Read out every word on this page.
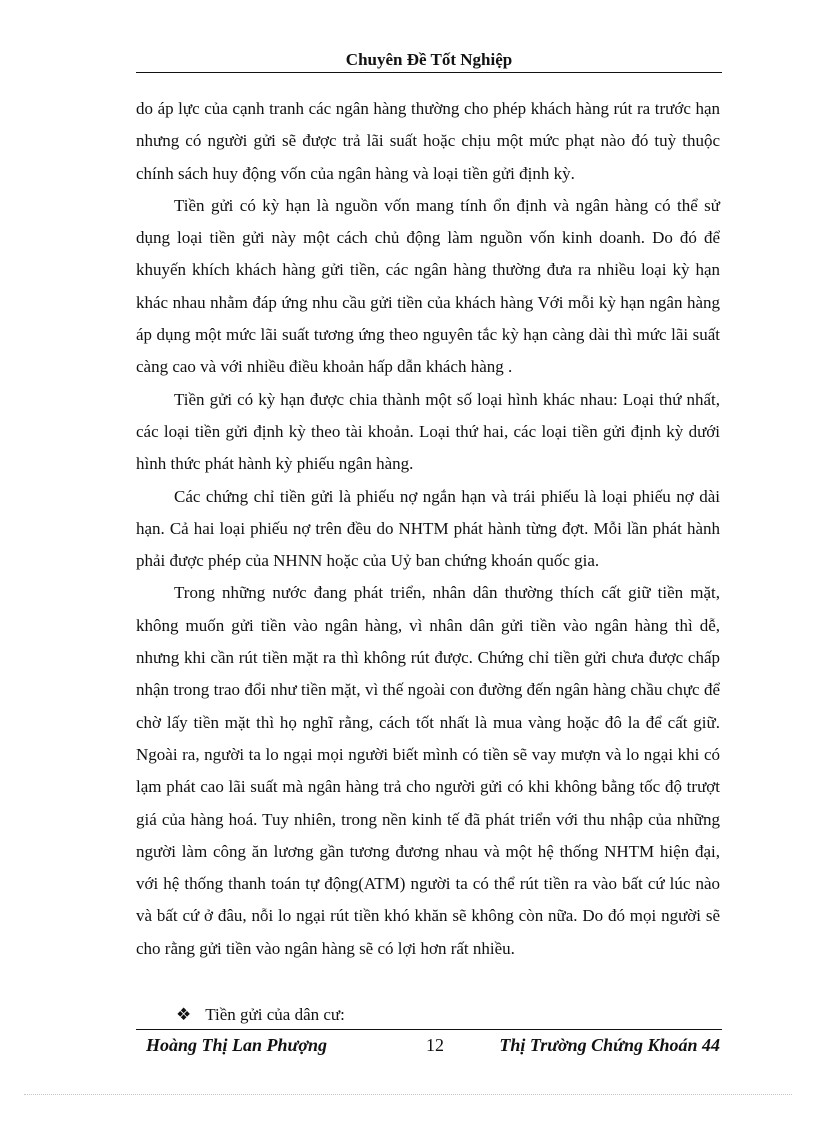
Chuyên Đề Tốt Nghiệp

do áp lực của cạnh tranh các ngân hàng thường cho phép khách hàng rút ra trước hạn nhưng có người gửi sẽ được trả lãi suất hoặc chịu một mức phạt nào đó tuỳ thuộc chính sách huy động vốn của ngân hàng và loại tiền gửi định kỳ.

Tiền gửi có kỳ hạn là nguồn vốn mang tính ổn định và ngân hàng có thể sử dụng loại tiền gửi này một cách chủ động làm nguồn vốn kinh doanh. Do đó để khuyến khích khách hàng gửi tiền, các ngân hàng thường đưa ra nhiều loại kỳ hạn khác nhau nhằm đáp ứng nhu cầu gửi tiền của khách hàng Với mỗi kỳ hạn ngân hàng áp dụng một mức lãi suất tương ứng theo nguyên tắc kỳ hạn càng dài thì mức lãi suất càng cao và với nhiều điều khoản hấp dẫn khách hàng .

Tiền gửi có kỳ hạn được chia thành một số loại hình khác nhau: Loại thứ nhất, các loại tiền gửi định kỳ theo tài khoản. Loại thứ hai, các loại tiền gửi định kỳ dưới hình thức phát hành kỳ phiếu ngân hàng.

Các chứng chỉ tiền gửi là phiếu nợ ngắn hạn và trái phiếu là loại phiếu nợ dài hạn. Cả hai loại phiếu nợ trên đều do NHTM phát hành từng đợt. Mỗi lần phát hành phải được phép của NHNN hoặc của Uỷ ban chứng khoán quốc gia.

Trong những nước đang phát triển, nhân dân thường thích cất giữ tiền mặt, không muốn gửi tiền vào ngân hàng, vì nhân dân gửi tiền vào ngân hàng thì dễ, nhưng khi cần rút tiền mặt ra thì không rút được. Chứng chỉ tiền gửi chưa được chấp nhận trong trao đổi như tiền mặt, vì thế ngoài con đường đến ngân hàng chầu chực để chờ lấy tiền mặt thì họ nghĩ rằng, cách tốt nhất là mua vàng hoặc đô la để cất giữ. Ngoài ra, người ta lo ngại mọi người biết mình có tiền sẽ vay mượn và lo ngại khi có lạm phát cao lãi suất mà ngân hàng trả cho người gửi có khi không bằng tốc độ trượt giá của hàng hoá. Tuy nhiên, trong nền kinh tế đã phát triển với thu nhập của những người làm công ăn lương gần tương đương nhau và một hệ thống NHTM hiện đại, với hệ thống thanh toán tự động(ATM) người ta có thể rút tiền ra vào bất cứ lúc nào và bất cứ ở đâu, nỗi lo ngại rút tiền khó khăn sẽ không còn nữa. Do đó mọi người sẽ cho rằng gửi tiền vào ngân hàng sẽ có lợi hơn rất nhiều.

❖ Tiền gửi của dân cư:
Hoàng Thị Lan Phượng	12	Thị Trường Chứng Khoán 44
